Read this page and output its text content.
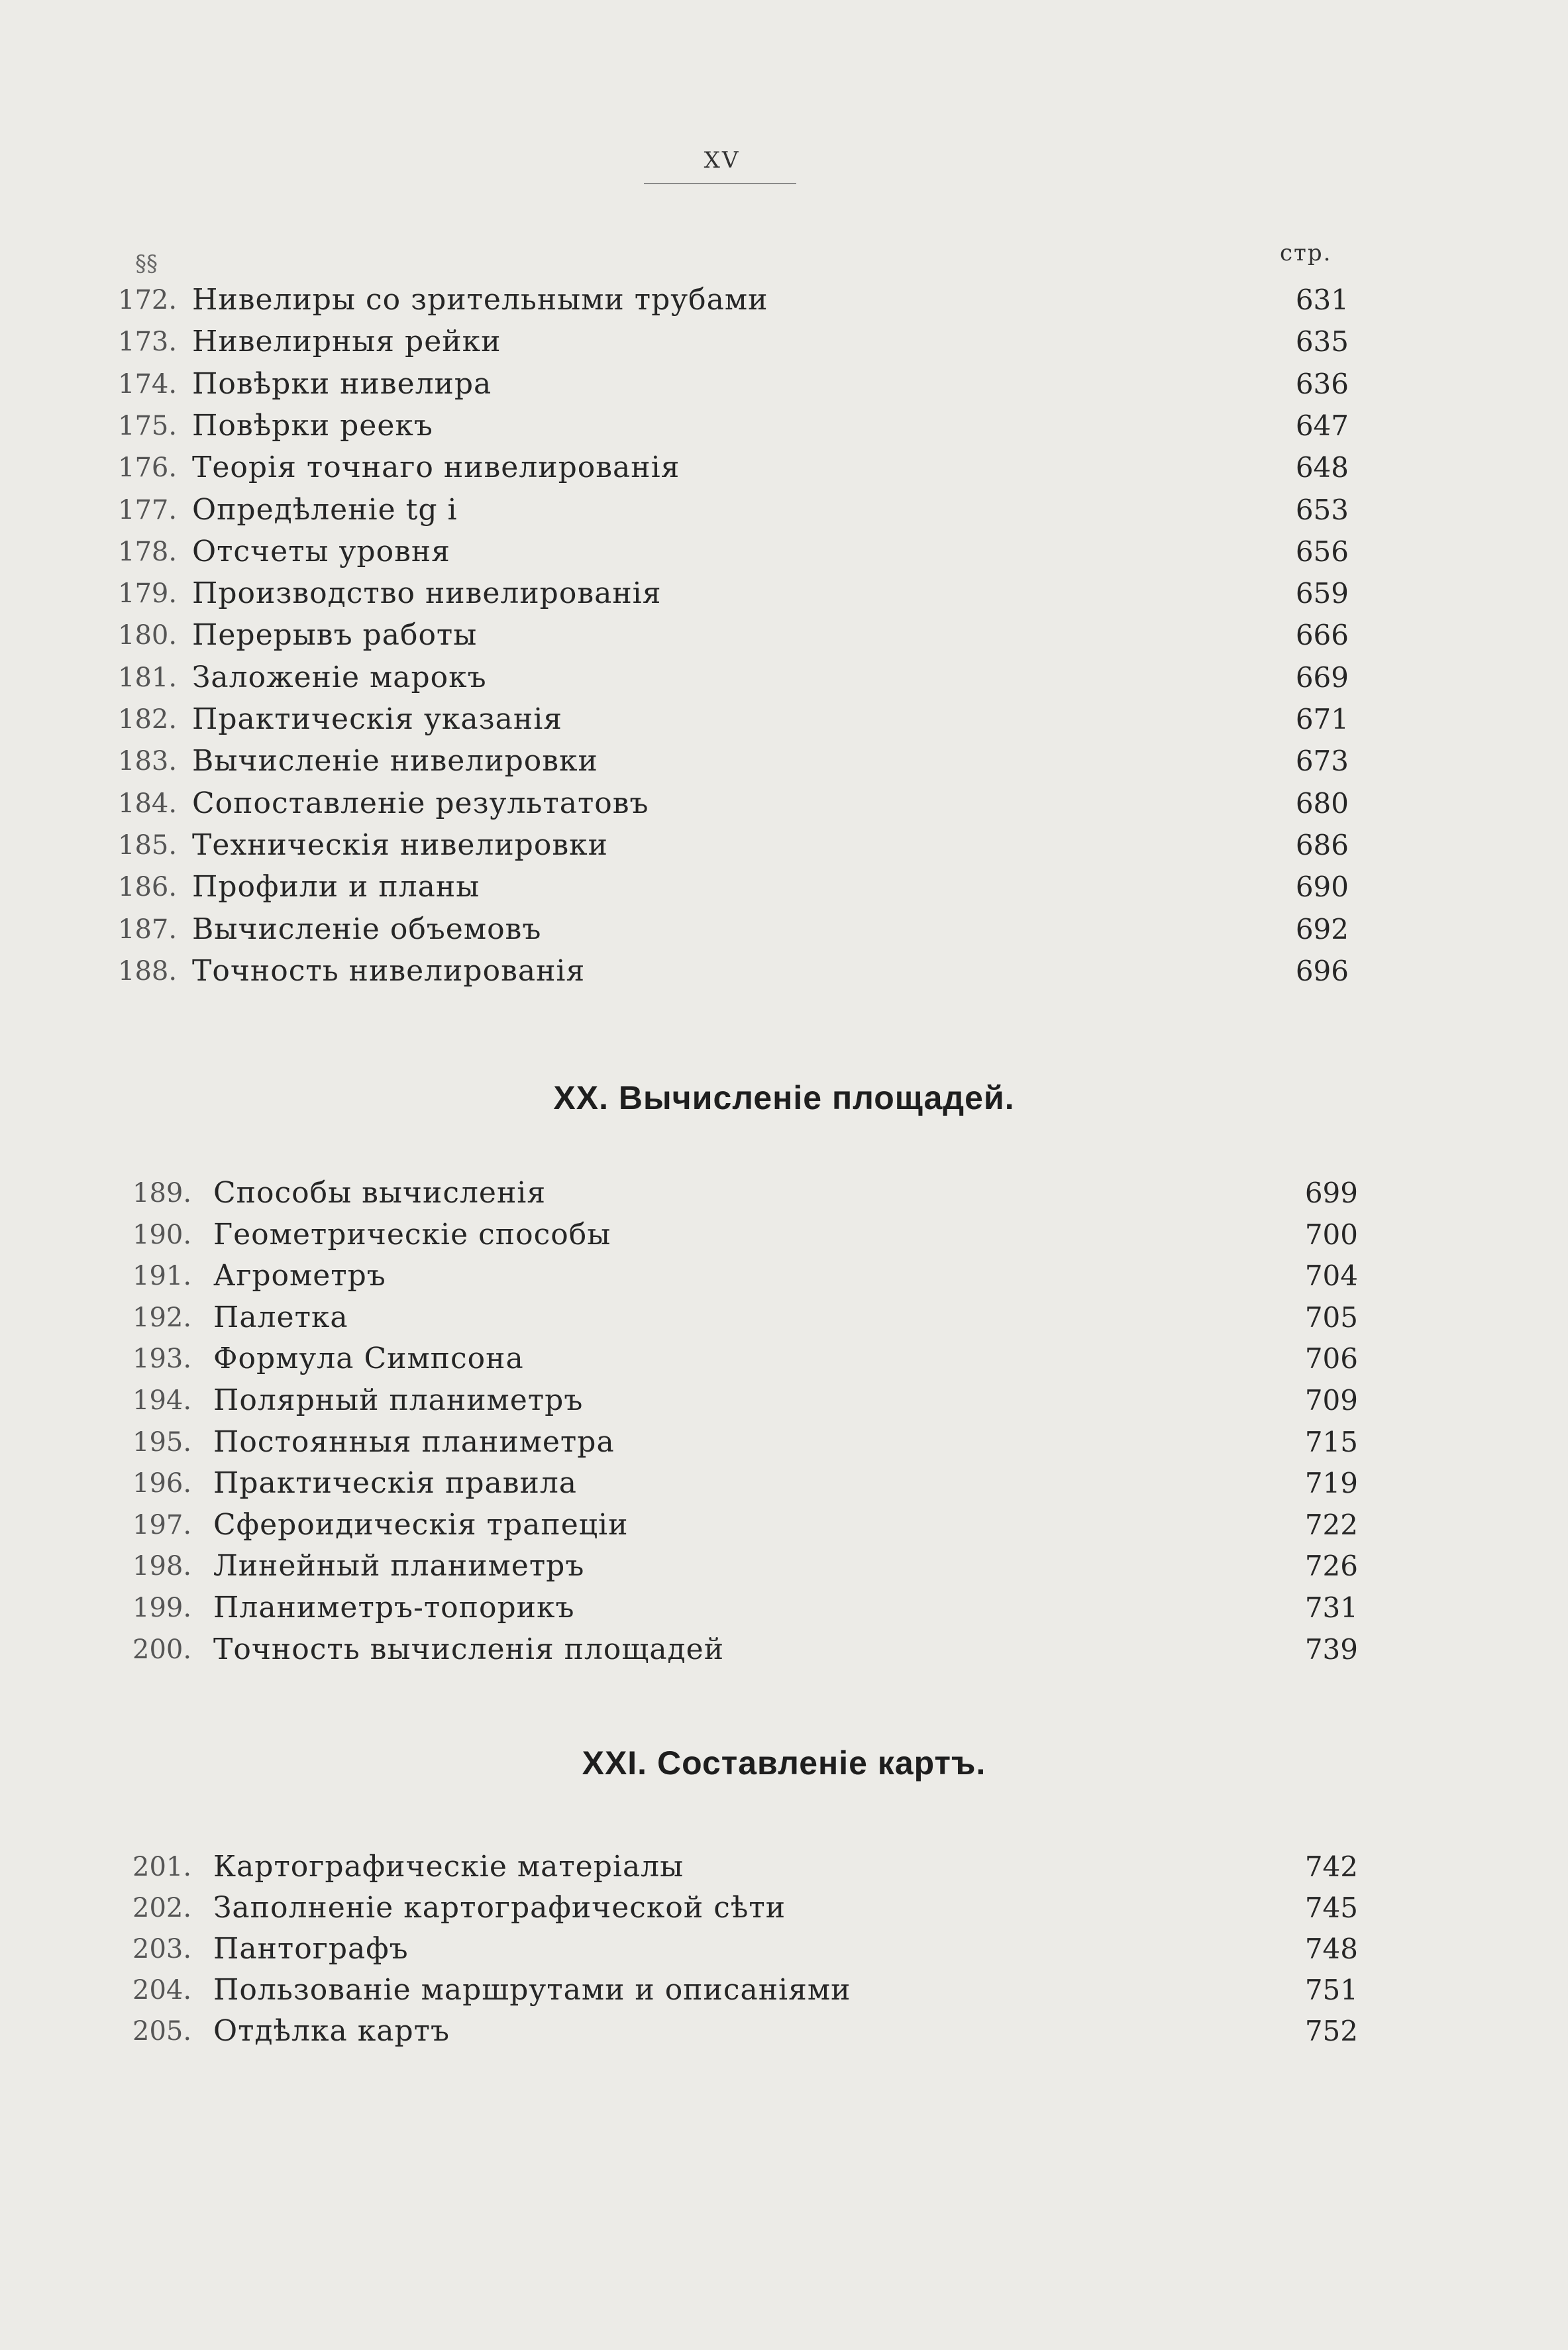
XV
стр.
§§
172. Нивелиры со зрительными трубами	631
173. Нивелирныя рейки	635
174. Повѣрки нивелира	636
175. Повѣрки реекъ	647
176. Теорія точнаго нивелированія	648
177. Опредѣленіе tg i	653
178. Отсчеты уровня	656
179. Производство нивелированія	659
180. Перерывъ работы	666
181. Заложеніе марокъ	669
182. Практическія указанія	671
183. Вычисленіе нивелировки	673
184. Сопоставленіе результатовъ	680
185. Техническія нивелировки	686
186. Профили и планы	690
187. Вычисленіе объемовъ	692
188. Точность нивелированія	696
XX. Вычисленіе площадей.
189. Способы вычисленія	699
190. Геометрическіе способы	700
191. Агрометръ	704
192. Палетка	705
193. Формула Симпсона	706
194. Полярный планиметръ	709
195. Постоянныя планиметра	715
196. Практическія правила	719
197. Сфероидическія трапеціи	722
198. Линейный планиметръ	726
199. Планиметръ-топорикъ	731
200. Точность вычисленія площадей	739
XXI. Составленіе картъ.
201. Картографическіе матеріалы	742
202. Заполненіе картографической сѣти	745
203. Пантографъ	748
204. Пользованіе маршрутами и описаніями	751
205. Отдѣлка картъ	752
